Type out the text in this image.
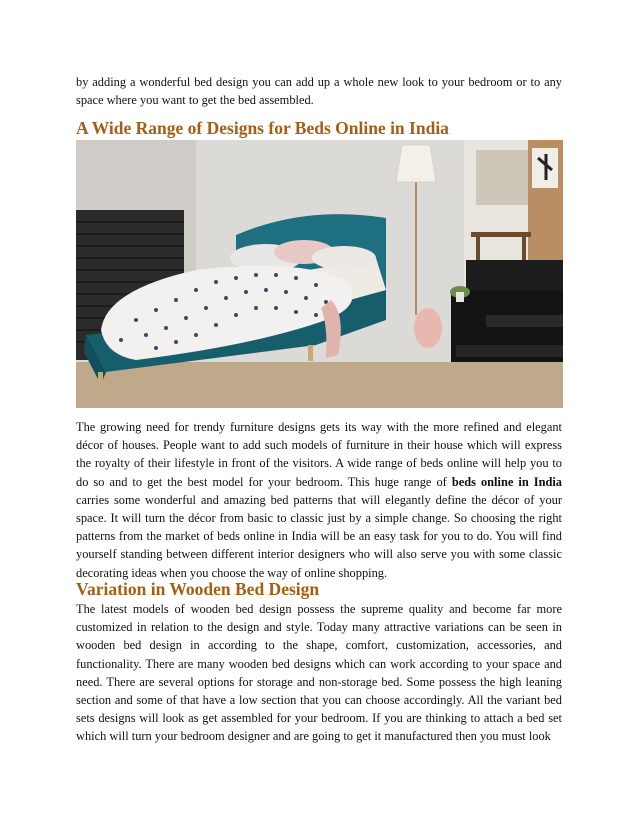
by adding a wonderful bed design you can add up a whole new look to your bedroom or to any space where you want to get the bed assembled.

A Wide Range of Designs for Beds Online in India

The growing need for trendy furniture designs gets its way with the more refined and elegant décor of houses. People want to add such models of furniture in their house which will express the royalty of their lifestyle in front of the visitors. A wide range of beds online will help you to do so and to get the best model for your bedroom. This huge range of beds online in India carries some wonderful and amazing bed patterns that will elegantly define the décor of your space. It will turn the décor from basic to classic just by a simple change. So choosing the right patterns from the market of beds online in India will be an easy task for you to do. You will find yourself standing between different interior designers who will also serve you with some classic decorating ideas when you choose the way of online shopping.

Variation in Wooden Bed Design

The latest models of wooden bed design possess the supreme quality and become far more customized in relation to the design and style. Today many attractive variations can be seen in wooden bed design in according to the shape, comfort, customization, accessories, and functionality. There are many wooden bed designs which can work according to your space and need. There are several options for storage and non-storage bed. Some possess the high leaning section and some of that have a low section that you can choose accordingly. All the variant bed sets designs will look as get assembled for your bedroom. If you are thinking to attach a bed set which will turn your bedroom designer and are going to get it manufactured then you must look
